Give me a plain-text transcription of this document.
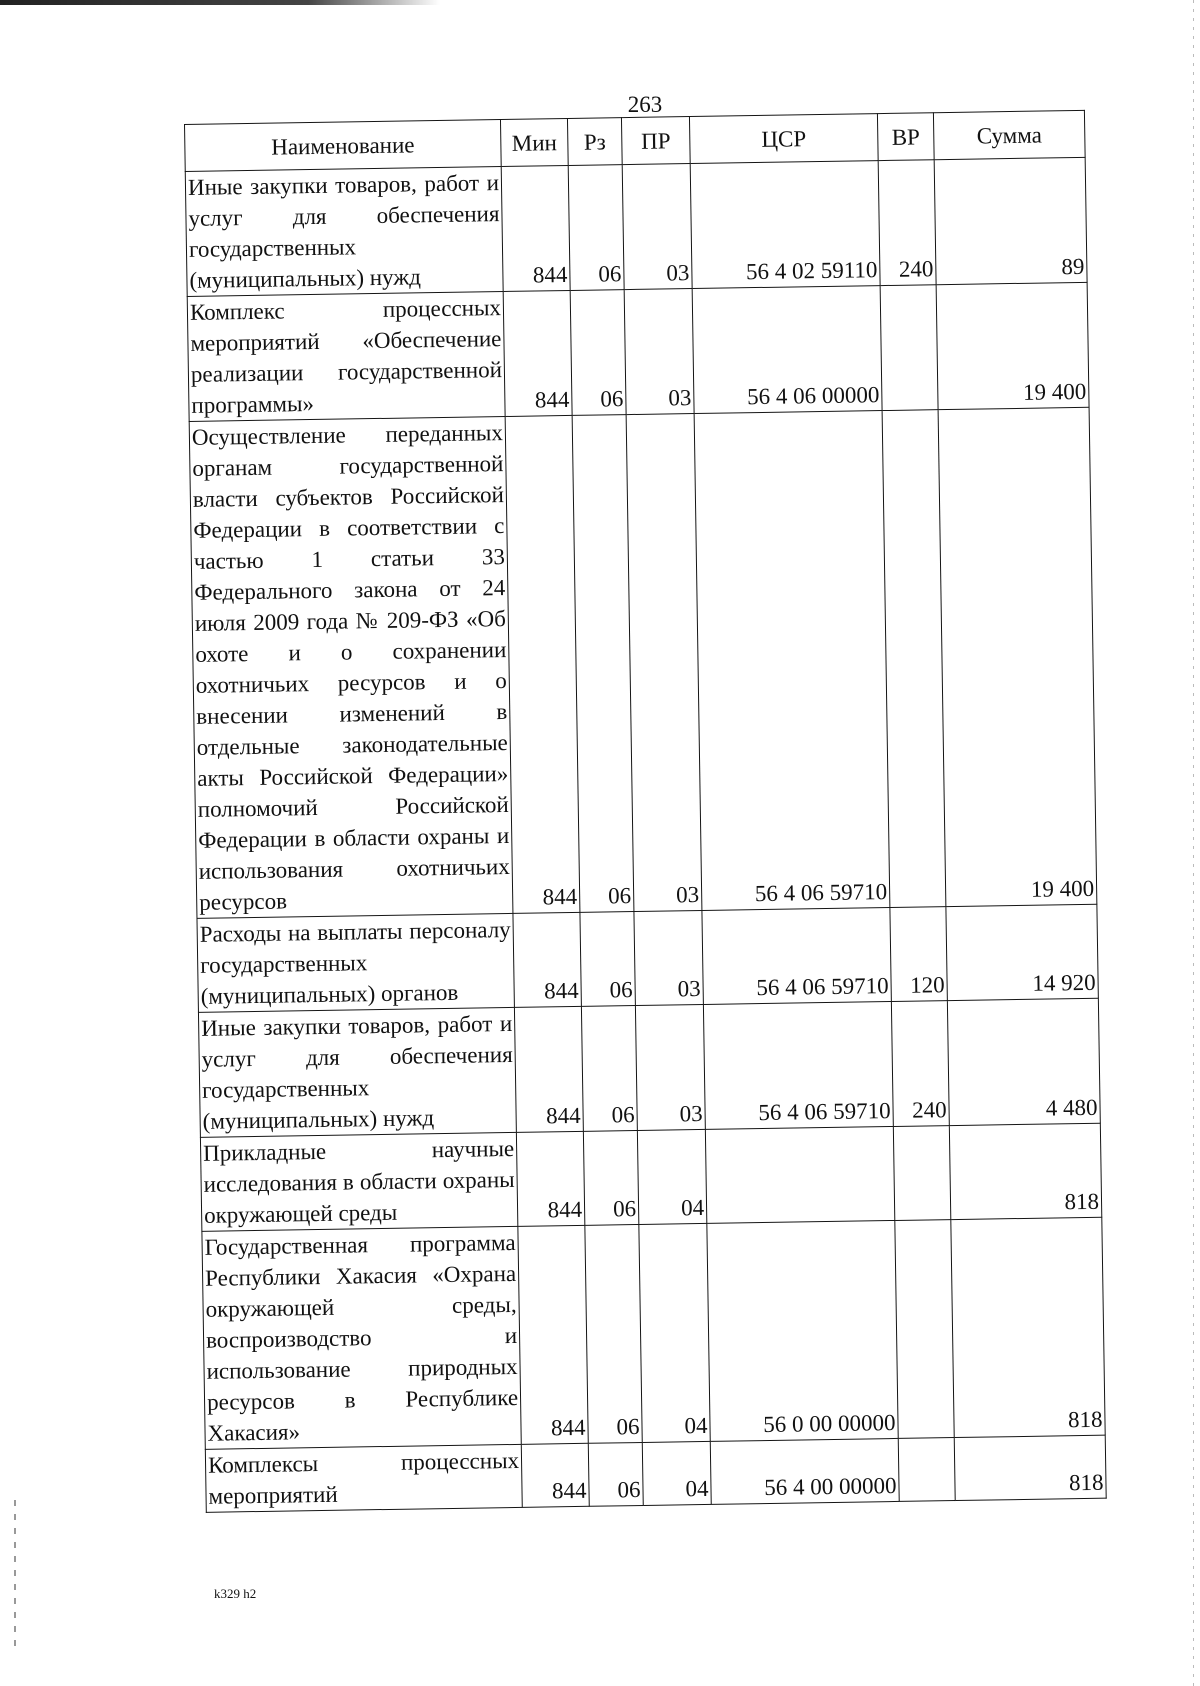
263
Наименование	Мин	Рз	ПР	ЦСР	ВР	Сумма
Иные закупки товаров, работ и услуг для обеспечения государственных (муниципальных) нужд	844	06	03	56 4 02 59110	240	89
Комплекс процессных мероприятий «Обеспечение реализации государственной программы»	844	06	03	56 4 06 00000		19 400
Осуществление переданных органам государственной власти субъектов Российской Федерации в соответствии с частью 1 статьи 33 Федерального закона от 24 июля 2009 года № 209-ФЗ «Об охоте и о сохранении охотничьих ресурсов и о внесении изменений в отдельные законодательные акты Российской Федерации» полномочий Российской Федерации в области охраны и использования охотничьих ресурсов	844	06	03	56 4 06 59710		19 400
Расходы на выплаты персоналу государственных (муниципальных) органов	844	06	03	56 4 06 59710	120	14 920
Иные закупки товаров, работ и услуг для обеспечения государственных (муниципальных) нужд	844	06	03	56 4 06 59710	240	4 480
Прикладные научные исследования в области охраны окружающей среды	844	06	04			818
Государственная программа Республики Хакасия «Охрана окружающей среды, воспроизводство и использование природных ресурсов в Республике Хакасия»	844	06	04	56 0 00 00000		818
Комплексы процессных мероприятий	844	06	04	56 4 00 00000		818
k329 h2
